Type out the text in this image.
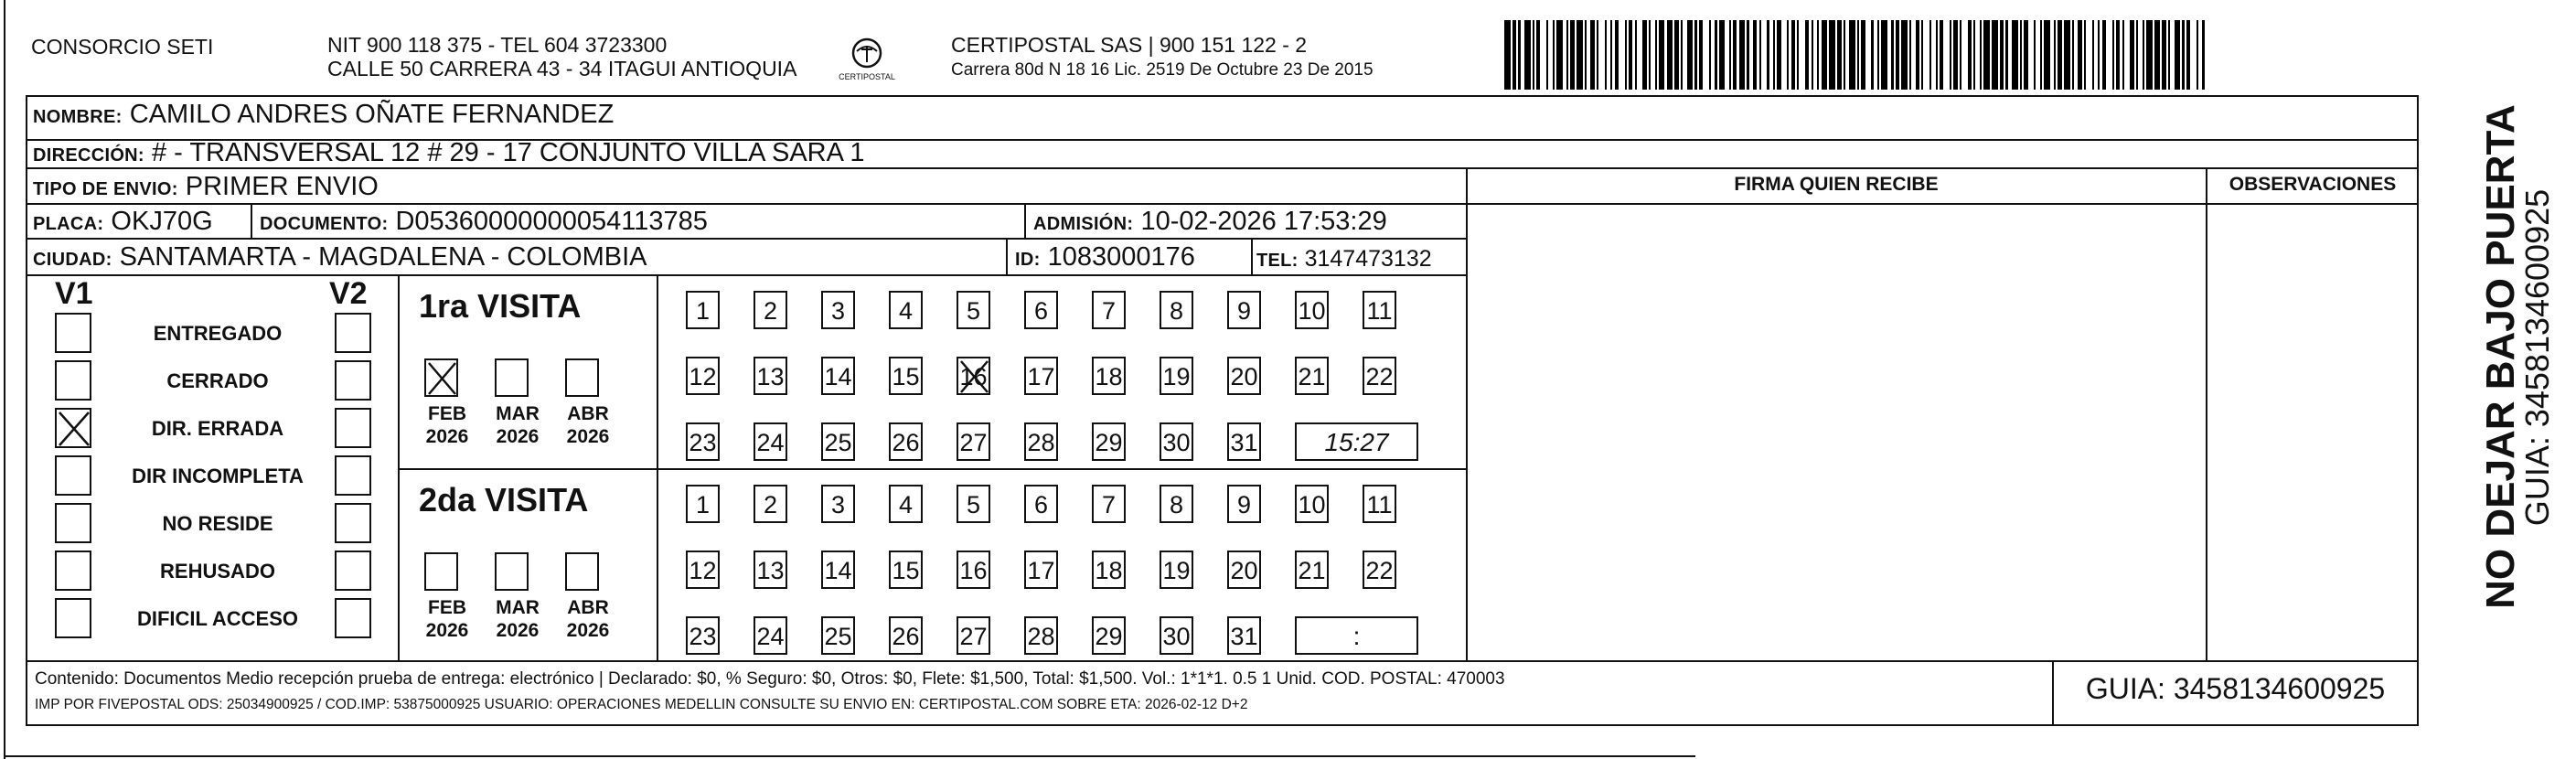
CONSORCIO SETI	NIT 900 118 375 - TEL 604 3723300
CALLE 50 CARRERA 43 - 34 ITAGUI ANTIOQUIA	CERTIPOSTAL
CERTIPOSTAL SAS | 900 151 122 - 2
Carrera 80d N 18 16 Lic. 2519 De Octubre 23 De 2015
NOMBRE: CAMILO ANDRES OÑATE FERNANDEZ
DIRECCIÓN: # - TRANSVERSAL 12 # 29 - 17 CONJUNTO VILLA SARA 1
TIPO DE ENVIO: PRIMER ENVIO
PLACA: OKJ70G	DOCUMENTO: D05360000000054113785	ADMISIÓN: 10-02-2026 17:53:29
CIUDAD: SANTAMARTA - MAGDALENA - COLOMBIA	ID: 1083000176	TEL: 3147473132
FIRMA QUIEN RECIBE	OBSERVACIONES
V1	V2
ENTREGADO
CERRADO
DIR. ERRADA
DIR INCOMPLETA
NO RESIDE
REHUSADO
DIFICIL ACCESO
1ra VISITA
FEB
2026
MAR
2026
ABR
2026
1	2	3	4	5	6	7	8	9	10 11
12 13 14 15 16 17 18 19 20 21 22
23 24 25 26 27 28 29 30 31	15:27
2da VISITA
FEB
2026
MAR
2026
ABR
2026
1	2	3	4	5	6	7	8	9	10 11
12 13 14 15 16 17 18 19 20 21 22
23 24 25 26 27 28 29 30 31	:
Contenido: Documentos Medio recepción prueba de entrega: electrónico | Declarado: $0, % Seguro: $0, Otros: $0, Flete: $1,500, Total: $1,500. Vol.: 1*1*1. 0.5 1 Unid. COD. POSTAL: 470003
IMP POR FIVEPOSTAL ODS: 25034900925 / COD.IMP: 53875000925 USUARIO: OPERACIONES MEDELLIN CONSULTE SU ENVIO EN: CERTIPOSTAL.COM SOBRE ETA: 2026-02-12 D+2	GUIA: 3458134600925
NO DEJAR BAJO PUERTA
GUIA: 3458134600925
